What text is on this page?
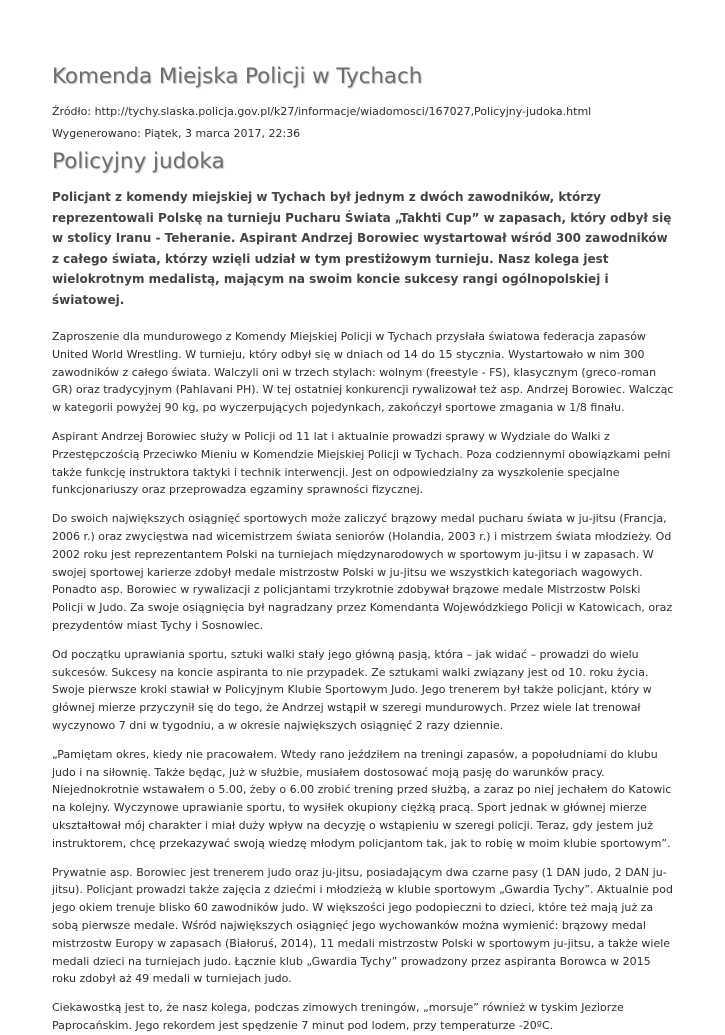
Komenda Miejska Policji w Tychach
Źródło: http://tychy.slaska.policja.gov.pl/k27/informacje/wiadomosci/167027,Policyjny-judoka.html
Wygenerowano: Piątek, 3 marca 2017, 22:36
Policyjny judoka

Policjant z komendy miejskiej w Tychach był jednym z dwóch zawodników, którzy reprezentowali Polskę na turnieju Pucharu Świata „Takhti Cup” w zapasach, który odbył się w stolicy Iranu - Teheranie. Aspirant Andrzej Borowiec wystartował wśród 300 zawodników z całego świata, którzy wzięli udział w tym prestiżowym turnieju. Nasz kolega jest wielokrotnym medalistą, mającym na swoim koncie sukcesy rangi ogólnopolskiej i światowej.

Zaproszenie dla mundurowego z Komendy Miejskiej Policji w Tychach przysłała światowa federacja zapasów United World Wrestling. W turnieju, który odbył się w dniach od 14 do 15 stycznia. Wystartowało w nim 300 zawodników z całego świata. Walczyli oni w trzech stylach: wolnym (freestyle - FS), klasycznym (greco-roman GR) oraz tradycyjnym (Pahlavani PH). W tej ostatniej konkurencji rywalizował też asp. Andrzej Borowiec. Walcząc w kategorii powyżej 90 kg, po wyczerpujących pojedynkach, zakończył sportowe zmagania w 1/8 finału.

Aspirant Andrzej Borowiec służy w Policji od 11 lat i aktualnie prowadzi sprawy w Wydziale do Walki z Przestępczością Przeciwko Mieniu w Komendzie Miejskiej Policji w Tychach. Poza codziennymi obowiązkami pełni także funkcję instruktora taktyki i technik interwencji. Jest on odpowiedzialny za wyszkolenie specjalne funkcjonariuszy oraz przeprowadza egzaminy sprawności fizycznej.

Do swoich największych osiągnięć sportowych może zaliczyć brązowy medal pucharu świata w ju-jitsu (Francja, 2006 r.) oraz zwycięstwa nad wicemistrzem świata seniorów (Holandia, 2003 r.) i mistrzem świata młodzieży. Od 2002 roku jest reprezentantem Polski na turniejach międzynarodowych w sportowym ju-jitsu i w zapasach. W swojej sportowej karierze zdobył medale mistrzostw Polski w ju-jitsu we wszystkich kategoriach wagowych. Ponadto asp. Borowiec w rywalizacji z policjantami trzykrotnie zdobywał brązowe medale Mistrzostw Polski Policji w Judo. Za swoje osiągnięcia był nagradzany przez Komendanta Wojewódzkiego Policji w Katowicach, oraz prezydentów miast Tychy i Sosnowiec.

Od początku uprawiania sportu, sztuki walki stały jego główną pasją, która – jak widać – prowadzi do wielu sukcesów. Sukcesy na koncie aspiranta to nie przypadek. Ze sztukami walki związany jest od 10. roku życia. Swoje pierwsze kroki stawiał w Policyjnym Klubie Sportowym Judo. Jego trenerem był także policjant, który w głównej mierze przyczynił się do tego, że Andrzej wstąpił w szeregi mundurowych. Przez wiele lat trenował wyczynowo 7 dni w tygodniu, a w okresie największych osiągnięć 2 razy dziennie.

„Pamiętam okres, kiedy nie pracowałem. Wtedy rano jeździłem na treningi zapasów, a popołudniami do klubu judo i na siłownię. Także będąc, już w służbie, musiałem dostosować moją pasję do warunków pracy. Niejednokrotnie wstawałem o 5.00, żeby o 6.00 zrobić trening przed służbą, a zaraz po niej jechałem do Katowic na kolejny. Wyczynowe uprawianie sportu, to wysiłek okupiony ciężką pracą. Sport jednak w głównej mierze ukształtował mój charakter i miał duży wpływ na decyzję o wstąpieniu w szeregi policji. Teraz, gdy jestem już instruktorem, chcę przekazywać swoją wiedzę młodym policjantom tak, jak to robię w moim klubie sportowym”.

Prywatnie asp. Borowiec jest trenerem judo oraz ju-jitsu, posiadającym dwa czarne pasy (1 DAN judo, 2 DAN ju-jitsu). Policjant prowadzi także zajęcia z dziećmi i młodzieżą w klubie sportowym „Gwardia Tychy”. Aktualnie pod jego okiem trenuje blisko 60 zawodników judo. W większości jego podopieczni to dzieci, które też mają już za sobą pierwsze medale. Wśród największych osiągnięć jego wychowanków można wymienić: brązowy medal mistrzostw Europy w zapasach (Białoruś, 2014), 11 medali mistrzostw Polski w sportowym ju-jitsu, a także wiele medali dzieci na turniejach judo. Łącznie klub „Gwardia Tychy” prowadzony przez aspiranta Borowca w 2015 roku zdobył aż 49 medali w turniejach judo.

Ciekawostką jest to, że nasz kolega, podczas zimowych treningów, „morsuje” również w tyskim Jeziorze Paprocańskim. Jego rekordem jest spędzenie 7 minut pod lodem, przy temperaturze -20ºC.
